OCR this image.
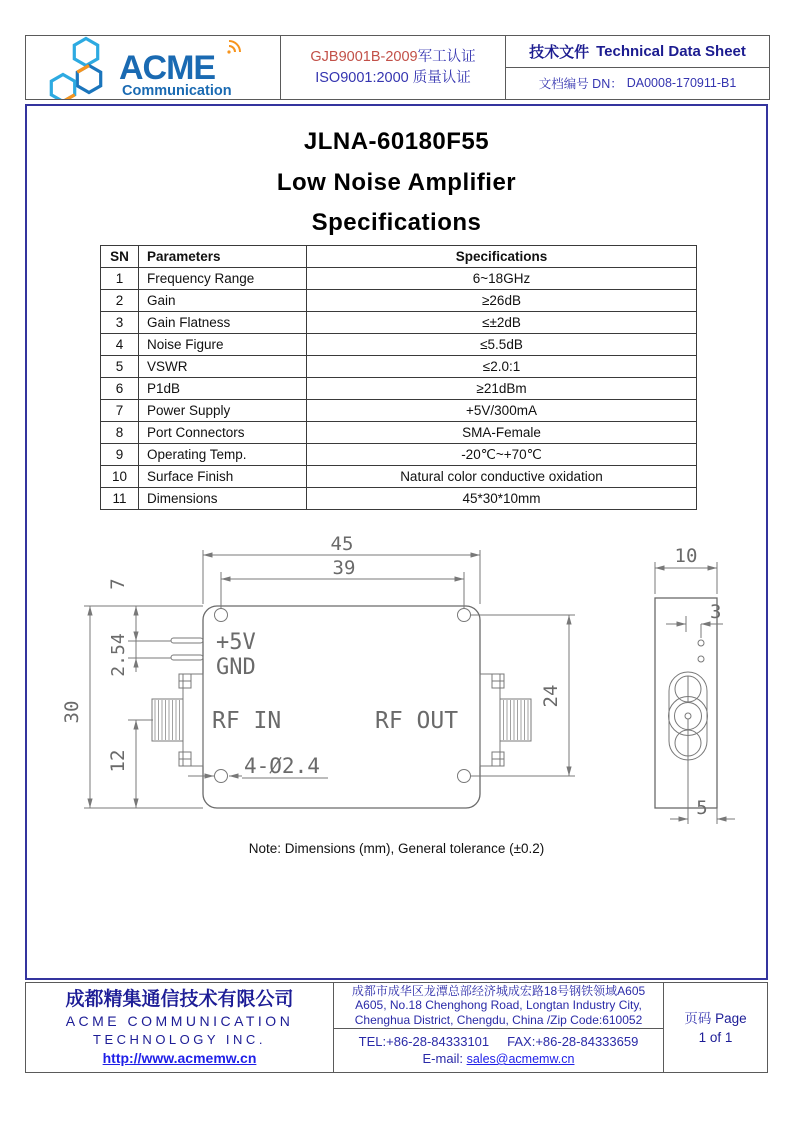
ACME
Communication
GJB9001B-2009军工认证
ISO9001:2000 质量认证
技术文件 Technical Data Sheet
文档编号 DN： DA0008-170911-B1
JLNA-60180F55
Low Noise Amplifier
Specifications
SN	Parameters	Specifications
1	Frequency Range	6~18GHz
2	Gain	≥26dB
3	Gain Flatness	≤±2dB
4	Noise Figure	≤5.5dB
5	VSWR	≤2.0:1
6	P1dB	≥21dBm
7	Power Supply	+5V/300mA
8	Port Connectors	SMA-Female
9	Operating Temp.	-20℃~+70℃
10	Surface Finish	Natural color conductive oxidation
11	Dimensions	45*30*10mm
+5V
GND
RF IN	RF OUT
45
39
7
2.54
30
12
24
4-Ø2.4
10
3
5
Note: Dimensions (mm), General tolerance (±0.2)
成都精集通信技术有限公司
ACME COMMUNICATION
TECHNOLOGY INC.
http://www.acmemw.cn
成都市成华区龙潭总部经济城成宏路18号钢铁领域A605
A605, No.18 Chenghong Road, Longtan Industry City,
Chenghua District, Chengdu, China /Zip Code:610052
TEL:+86-28-84333101 FAX:+86-28-84333659
E-mail: sales@acmemw.cn
页码 Page
1 of 1
